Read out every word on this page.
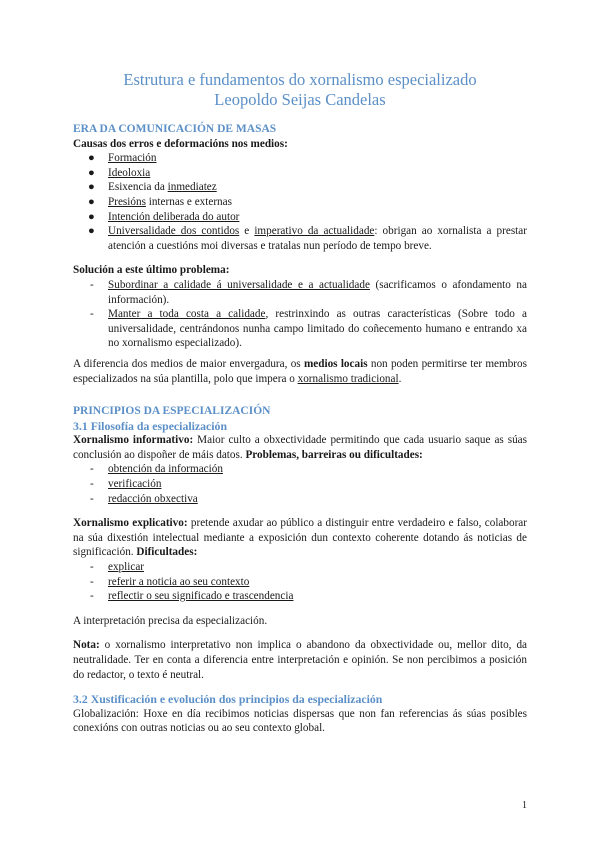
Estrutura e fundamentos do xornalismo especializado
Leopoldo Seijas Candelas
ERA DA COMUNICACIÓN DE MASAS
Causas dos erros e deformacións nos medios:
● Formación
● Ideoloxia
● Esixencia da inmediatez
● Presións internas e externas
● Intención deliberada do autor
● Universalidade dos contidos e imperativo da actualidade: obrigan ao xornalista a prestar atención a cuestións moi diversas e tratalas nun período de tempo breve.
Solución a este último problema:
- Subordinar a calidade á universalidade e a actualidade (sacrificamos o afondamento na información).
- Manter a toda costa a calidade, restrinxindo as outras características (Sobre todo a universalidade, centrándonos nunha campo limitado do coñecemento humano e entrando xa no xornalismo especializado).

A diferencia dos medios de maior envergadura, os medios locais non poden permitirse ter membros especializados na súa plantilla, polo que impera o xornalismo tradicional.

PRINCIPIOS DA ESPECIALIZACIÓN
3.1 Filosofía da especialización

Xornalismo informativo: Maior culto a obxectividade permitindo que cada usuario saque as súas conclusión ao dispoñer de máis datos. Problemas, barreiras ou dificultades:

- obtención da información
- verificación
- redacción obxectiva

Xornalismo explicativo: pretende axudar ao público a distinguir entre verdadeiro e falso, colaborar na súa dixestión intelectual mediante a exposición dun contexto coherente dotando ás noticias de significación. Dificultades:

- explicar
- referir a noticia ao seu contexto
- reflectir o seu significado e trascendencia

A interpretación precisa da especialización.

Nota: o xornalismo interpretativo non implica o abandono da obxectividade ou, mellor dito, da neutralidade. Ter en conta a diferencia entre interpretación e opinión. Se non percibimos a posición do redactor, o texto é neutral.

3.2 Xustificación e evolución dos principios da especialización

Globalización: Hoxe en día recibimos noticias dispersas que non fan referencias ás súas posibles conexións con outras noticias ou ao seu contexto global.

1
